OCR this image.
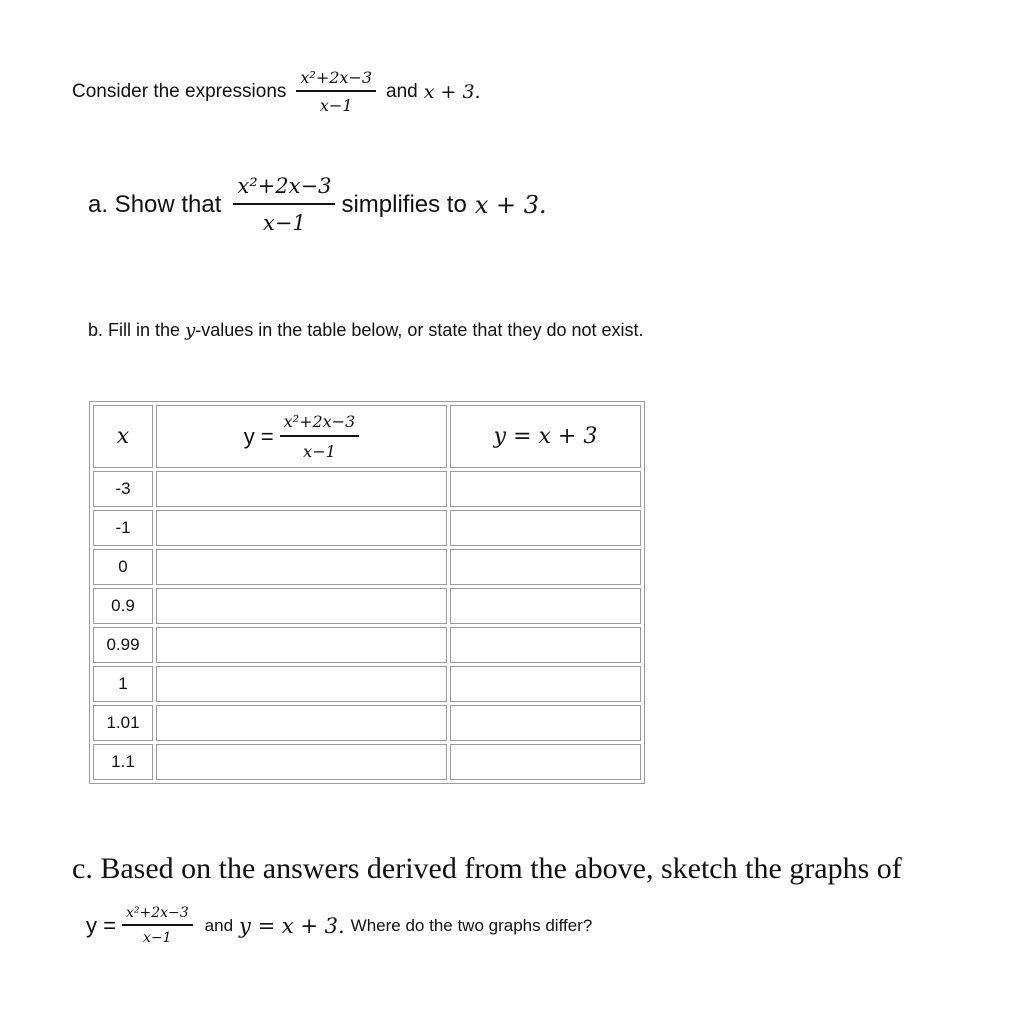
Consider the expressions $\frac{\text{x²+2x−3}}{x-1}$ and x + 3.
a. Show that $\frac{\text{x²+2x−3}}{x-1}$ simplifies to x + 3.
b. Fill in the y-values in the table below, or state that they do not exist.
x	$y = \frac{\text{x²+2x−3}}{x-1}$	y = x + 3
-3		
-1		
0		
0.9		
0.99		
1		
1.01		
1.1		
c. Based on the answers derived from the above, sketch the graphs of
$y = \frac{\text{x²+2x−3}}{x-1}$ and y = x + 3. Where do the two graphs differ?
